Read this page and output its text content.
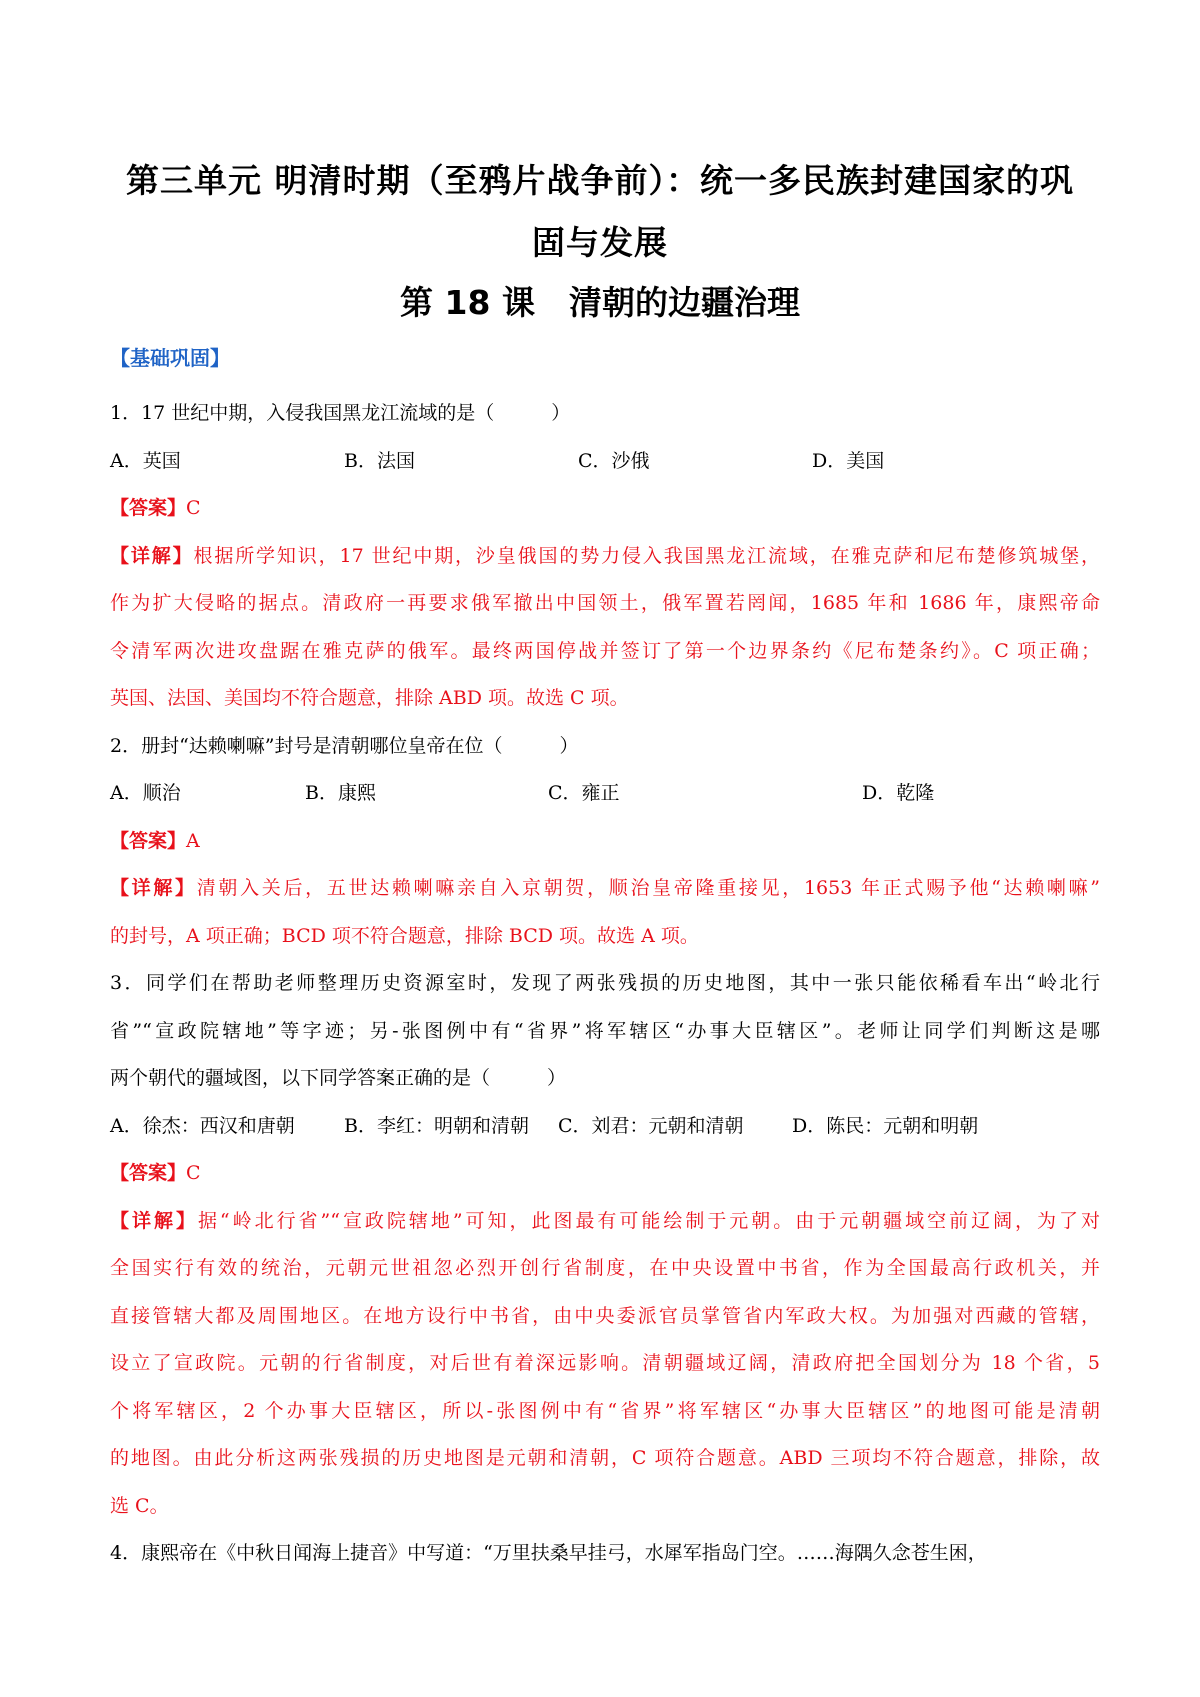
第三单元 明清时期（至鸦片战争前）：统一多民族封建国家的巩
固与发展
第 18 课 清朝的边疆治理
【基础巩固】
1．17 世纪中期，入侵我国黑龙江流域的是（　　　）
A．英国	B．法国	C．沙俄	D．美国
【答案】C
【详解】根据所学知识，17 世纪中期，沙皇俄国的势力侵入我国黑龙江流域，在雅克萨和尼布楚修筑城堡，
作为扩大侵略的据点。清政府一再要求俄军撤出中国领土，俄军置若罔闻，1685 年和 1686 年，康熙帝命
令清军两次进攻盘踞在雅克萨的俄军。最终两国停战并签订了第一个边界条约《尼布楚条约》。C 项正确；
英国、法国、美国均不符合题意，排除 ABD 项。故选 C 项。
2．册封“达赖喇嘛”封号是清朝哪位皇帝在位（　　　）
A．顺治	B．康熙	C．雍正	D．乾隆
【答案】A
【详解】清朝入关后，五世达赖喇嘛亲自入京朝贺，顺治皇帝隆重接见，1653 年正式赐予他“达赖喇嘛”
的封号，A 项正确；BCD 项不符合题意，排除 BCD 项。故选 A 项。
3．同学们在帮助老师整理历史资源室时，发现了两张残损的历史地图，其中一张只能依稀看车出“岭北行
省”“宣政院辖地”等字迹；另-张图例中有“省界”将军辖区“办事大臣辖区”。老师让同学们判断这是哪
两个朝代的疆域图，以下同学答案正确的是（　　　）
A．徐杰：西汉和唐朝	B．李红：明朝和清朝 C．刘君：元朝和清朝	D．陈民：元朝和明朝
【答案】C
【详解】据“岭北行省”“宣政院辖地”可知，此图最有可能绘制于元朝。由于元朝疆域空前辽阔，为了对
全国实行有效的统治，元朝元世祖忽必烈开创行省制度，在中央设置中书省，作为全国最高行政机关，并
直接管辖大都及周围地区。在地方设行中书省，由中央委派官员掌管省内军政大权。为加强对西藏的管辖，
设立了宣政院。元朝的行省制度，对后世有着深远影响。清朝疆域辽阔，清政府把全国划分为 18 个省，5
个将军辖区，2 个办事大臣辖区，所以-张图例中有“省界”将军辖区“办事大臣辖区”的地图可能是清朝
的地图。由此分析这两张残损的历史地图是元朝和清朝，C 项符合题意。ABD 三项均不符合题意，排除，故
选 C。
4．康熙帝在《中秋日闻海上捷音》中写道：“万里扶桑早挂弓，水犀军指岛门空。……海隅久念苍生困，
